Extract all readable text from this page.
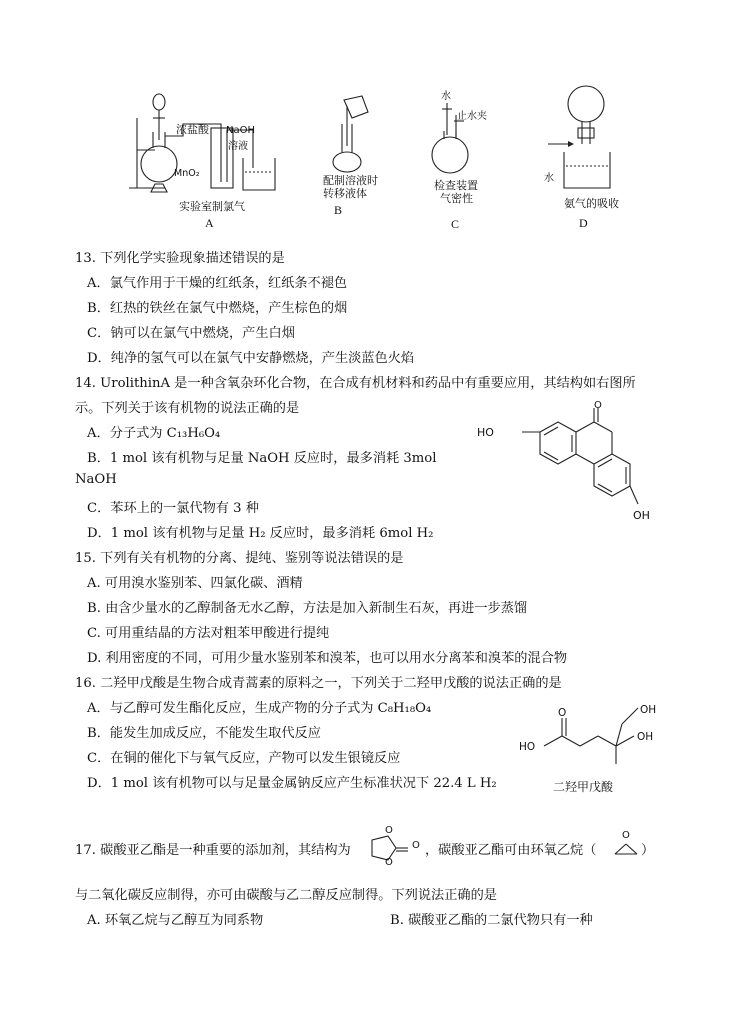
浓盐酸
MnO₂
NaOH
溶液
实验室制氯气
A
配制溶液时
转移液体
B
水
止水夹
检查装置
气密性
C
水
氨气的吸收
D
13. 下列化学实验现象描述错误的是
A．氯气作用于干燥的红纸条，红纸条不褪色
B．红热的铁丝在氯气中燃烧，产生棕色的烟
C．钠可以在氯气中燃烧，产生白烟
D．纯净的氢气可以在氯气中安静燃烧，产生淡蓝色火焰
14. UrolithinA 是一种含氧杂环化合物，在合成有机材料和药品中有重要应用，其结构如右图所
示。下列关于该有机物的说法正确的是
A．分子式为 C₁₃H₆O₄
B．1 mol 该有机物与足量 NaOH 反应时，最多消耗 3mol
NaOH
C．苯环上的一氯代物有 3 种
D．1 mol 该有机物与足量 H₂ 反应时，最多消耗 6mol H₂
O
HO
OH
15. 下列有关有机物的分离、提纯、鉴别等说法错误的是
A. 可用溴水鉴别苯、四氯化碳、酒精
B. 由含少量水的乙醇制备无水乙醇，方法是加入新制生石灰，再进一步蒸馏
C. 可用重结晶的方法对粗苯甲酸进行提纯
D. 利用密度的不同，可用少量水鉴别苯和溴苯，也可以用水分离苯和溴苯的混合物
16. 二羟甲戊酸是生物合成青蒿素的原料之一，下列关于二羟甲戊酸的说法正确的是
A．与乙醇可发生酯化反应，生成产物的分子式为 C₈H₁₈O₄
B．能发生加成反应，不能发生取代反应
C．在铜的催化下与氧气反应，产物可以发生银镜反应
D．1 mol 该有机物可以与足量金属钠反应产生标准状况下 22.4 L H₂
HO
O	OH
OH
二羟甲戊酸
17. 碳酸亚乙酯是一种重要的添加剂，其结构为
O
O
O ，碳酸亚乙酯可由环氧乙烷（
O
）
与二氧化碳反应制得，亦可由碳酸与乙二醇反应制得。下列说法正确的是
A. 环氧乙烷与乙醇互为同系物	B. 碳酸亚乙酯的二氯代物只有一种
